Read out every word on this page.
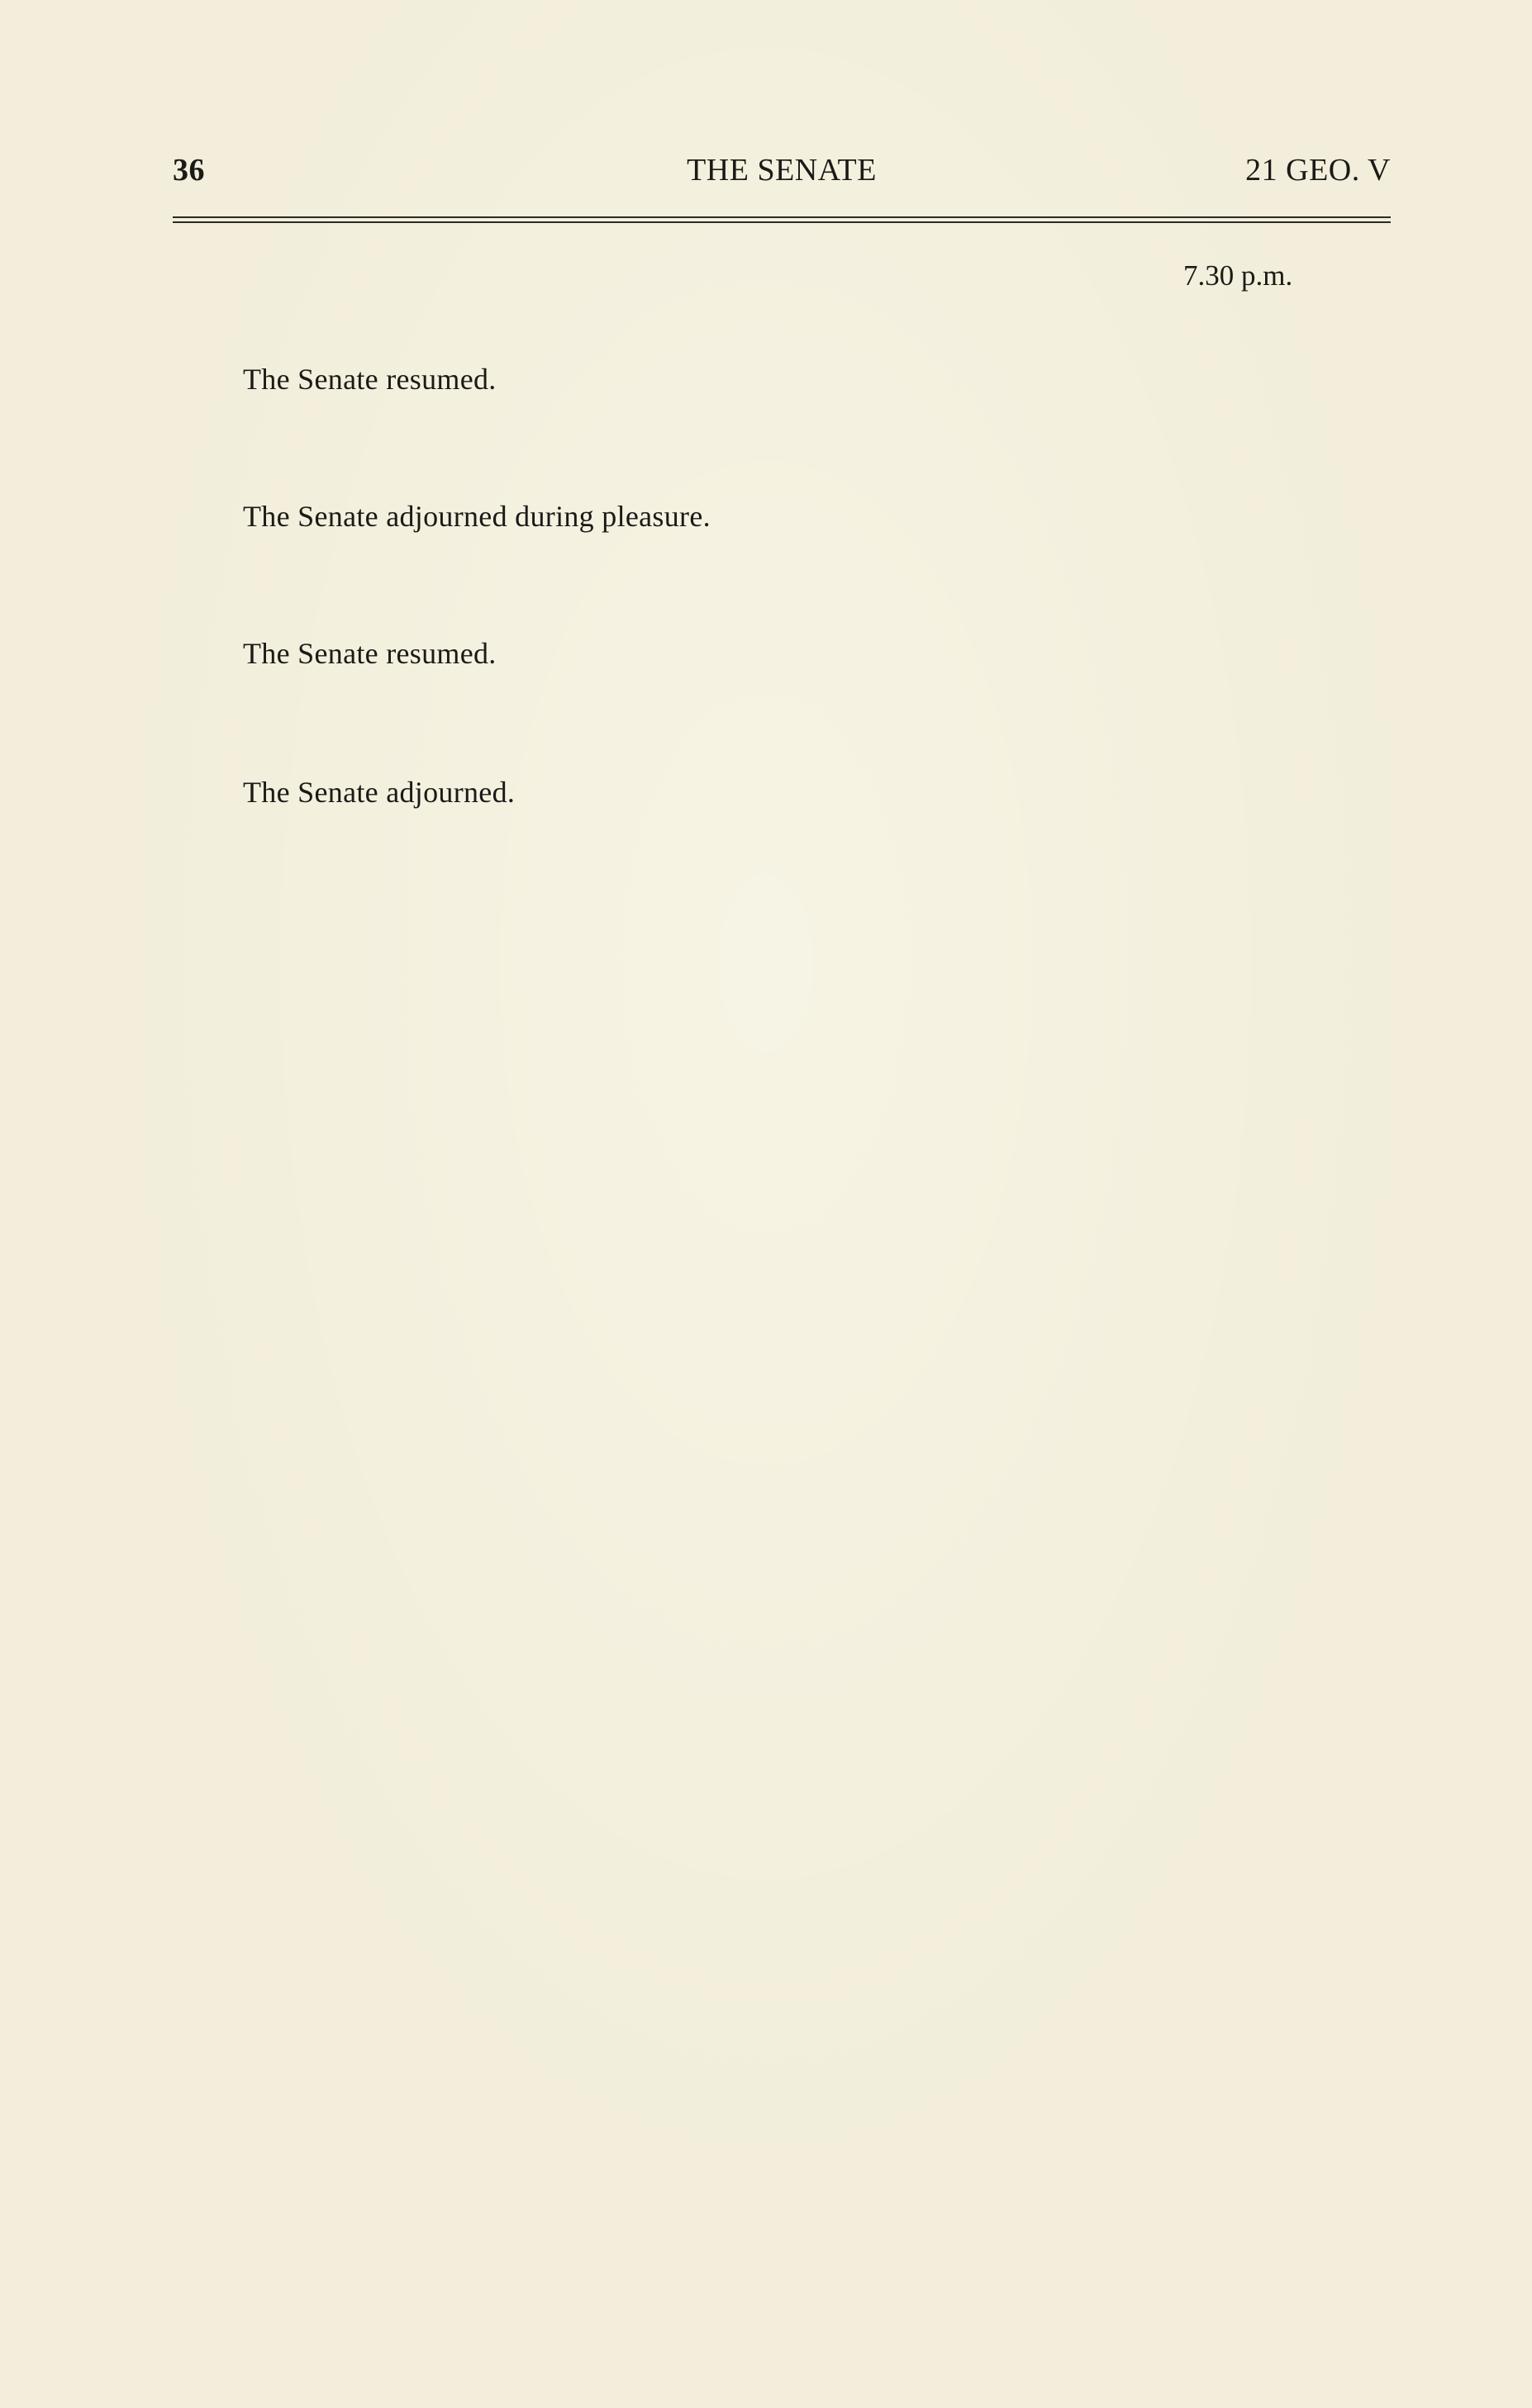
36	THE SENATE	21 GEO. V
7.30 p.m.
The Senate resumed.
The Senate adjourned during pleasure.
The Senate resumed.
The Senate adjourned.
